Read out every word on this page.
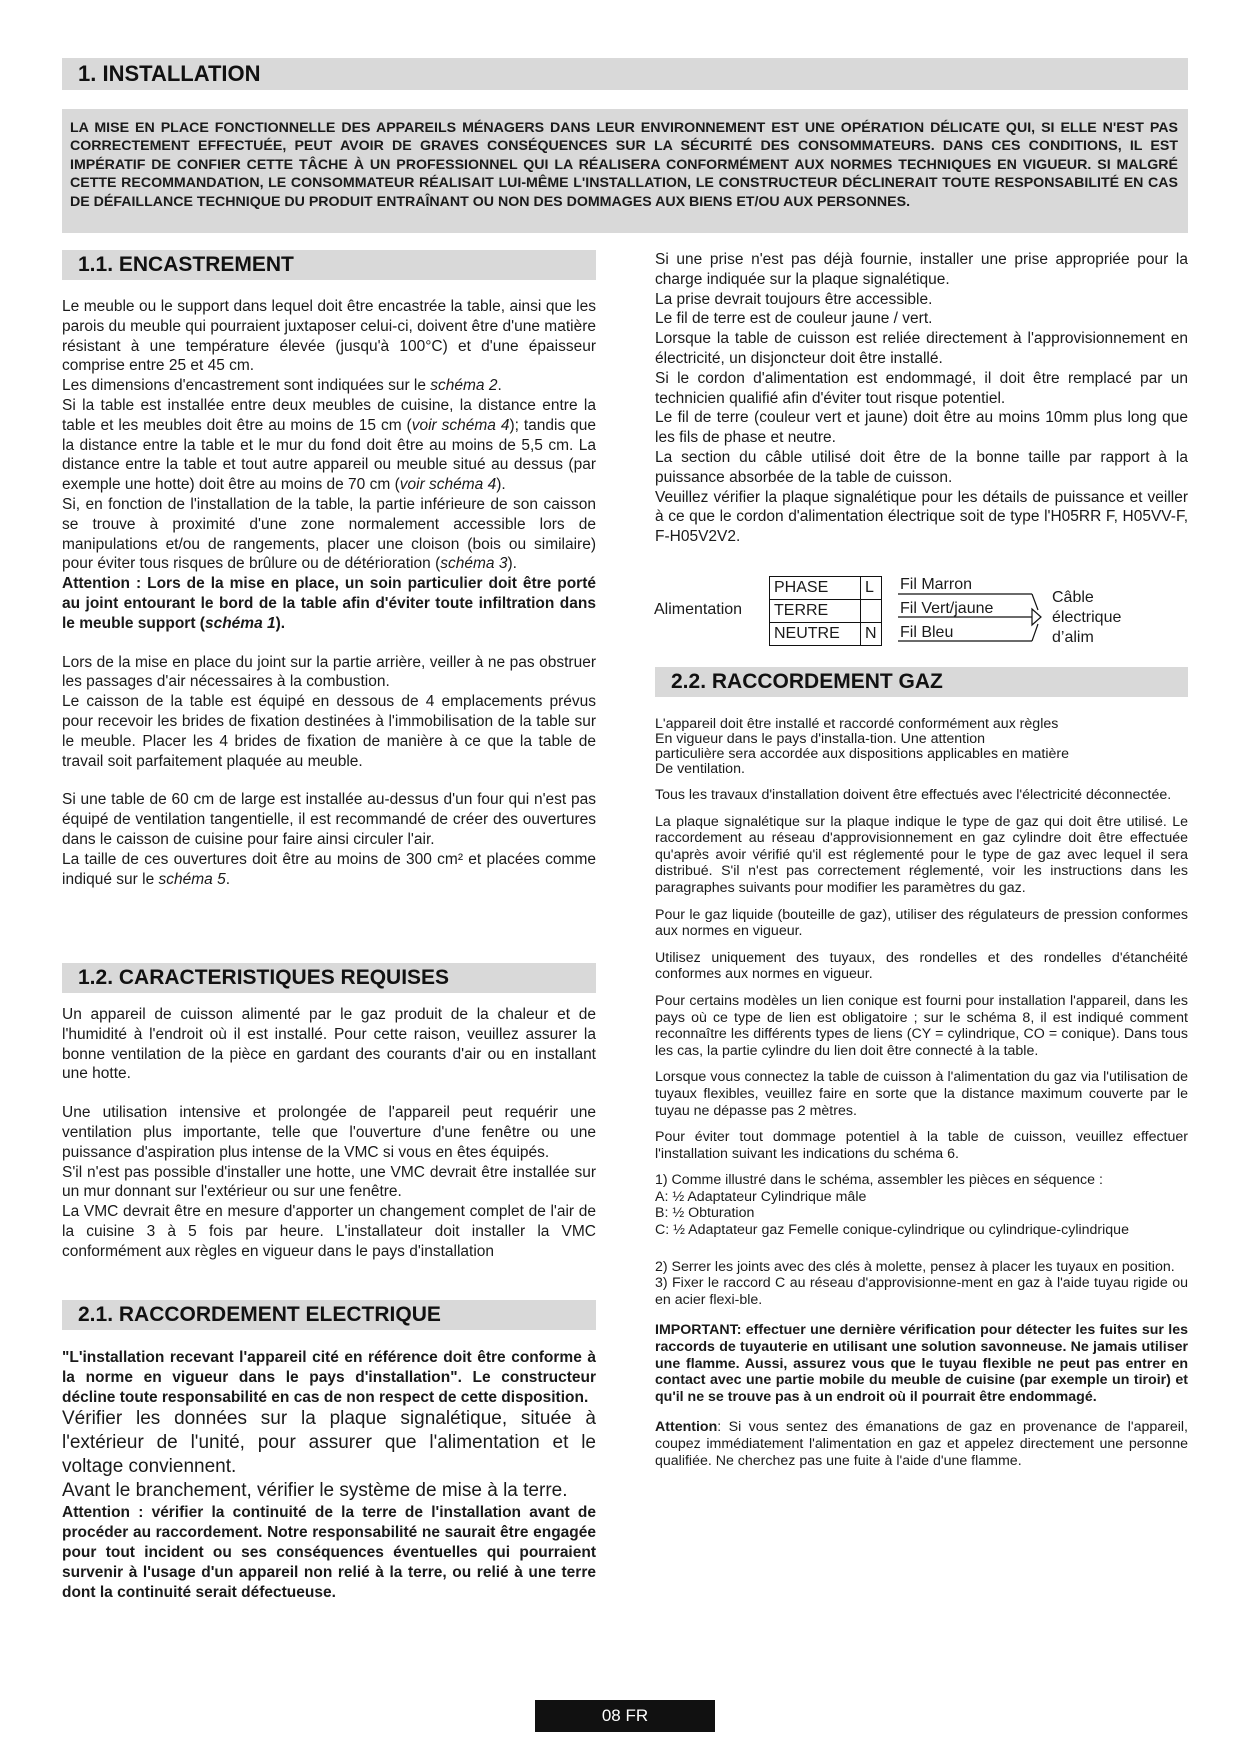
1. INSTALLATION
LA MISE EN PLACE FONCTIONNELLE DES APPAREILS MÉNAGERS DANS LEUR ENVIRONNEMENT EST UNE OPÉRATION DÉLICATE QUI, SI ELLE N'EST PAS CORRECTEMENT EFFECTUÉE, PEUT AVOIR DE GRAVES CONSÉQUENCES SUR LA SÉCURITÉ DES CONSOMMATEURS. DANS CES CONDITIONS, IL EST IMPÉRATIF DE CONFIER CETTE TÂCHE À UN PROFESSIONNEL QUI LA RÉALISERA CONFORMÉMENT AUX NORMES TECHNIQUES EN VIGUEUR. SI MALGRÉ CETTE RECOMMANDATION, LE CONSOMMATEUR RÉALISAIT LUI-MÊME L'INSTALLATION, LE CONSTRUCTEUR DÉCLINERAIT TOUTE RESPONSABILITÉ EN CAS DE DÉFAILLANCE TECHNIQUE DU PRODUIT ENTRAÎNANT OU NON DES DOMMAGES AUX BIENS ET/OU AUX PERSONNES.
1.1. ENCASTREMENT

Le meuble ou le support dans lequel doit être encastrée la table, ainsi que les parois du meuble qui pourraient juxtaposer celui-ci, doivent être d'une matière résistant à une température élevée (jusqu'à 100°C) et d'une épaisseur comprise entre 25 et 45 cm.

Les dimensions d'encastrement sont indiquées sur le schéma 2.

Si la table est installée entre deux meubles de cuisine, la distance entre la table et les meubles doit être au moins de 15 cm (voir schéma 4); tandis que la distance entre la table et le mur du fond doit être au moins de 5,5 cm. La distance entre la table et tout autre appareil ou meuble situé au dessus (par exemple une hotte) doit être au moins de 70 cm (voir schéma 4).

Si, en fonction de l'installation de la table, la partie inférieure de son caisson se trouve à proximité d'une zone normalement accessible lors de manipulations et/ou de rangements, placer une cloison (bois ou similaire) pour éviter tous risques de brûlure ou de détérioration (schéma 3).

Attention : Lors de la mise en place, un soin particulier doit être porté au joint entourant le bord de la table afin d'éviter toute infiltration dans le meuble support (schéma 1).

Lors de la mise en place du joint sur la partie arrière, veiller à ne pas obstruer les passages d'air nécessaires à la combustion.

Le caisson de la table est équipé en dessous de 4 emplacements prévus pour recevoir les brides de fixation destinées à l'immobilisation de la table sur le meuble. Placer les 4 brides de fixation de manière à ce que la table de travail soit parfaitement plaquée au meuble.

Si une table de 60 cm de large est installée au-dessus d'un four qui n'est pas équipé de ventilation tangentielle, il est recommandé de créer des ouvertures dans le caisson de cuisine pour faire ainsi circuler l'air.

La taille de ces ouvertures doit être au moins de 300 cm² et placées comme indiqué sur le schéma 5.

1.2. CARACTERISTIQUES REQUISES

Un appareil de cuisson alimenté par le gaz produit de la chaleur et de l'humidité à l'endroit où il est installé. Pour cette raison, veuillez assurer la bonne ventilation de la pièce en gardant des courants d'air ou en installant une hotte.

Une utilisation intensive et prolongée de l'appareil peut requérir une ventilation plus importante, telle que l'ouverture d'une fenêtre ou une puissance d'aspiration plus intense de la VMC si vous en êtes équipés.

S'il n'est pas possible d'installer une hotte, une VMC devrait être installée sur un mur donnant sur l'extérieur ou sur une fenêtre.

La VMC devrait être en mesure d'apporter un changement complet de l'air de la cuisine 3 à 5 fois par heure. L'installateur doit installer la VMC conformément aux règles en vigueur dans le pays d'installation

2.1. RACCORDEMENT ELECTRIQUE

"L'installation recevant l'appareil cité en référence doit être conforme à la norme en vigueur dans le pays d'installation". Le constructeur décline toute responsabilité en cas de non respect de cette disposition.

Vérifier les données sur la plaque signalétique, située à l'extérieur de l'unité, pour assurer que l'alimentation et le voltage conviennent.

Avant le branchement, vérifier le système de mise à la terre.

Attention : vérifier la continuité de la terre de l'installation avant de procéder au raccordement. Notre responsabilité ne saurait être engagée pour tout incident ou ses conséquences éventuelles qui pourraient survenir à l'usage d'un appareil non relié à la terre, ou relié à une terre dont la continuité serait défectueuse.

Si une prise n'est pas déjà fournie, installer une prise appropriée pour la charge indiquée sur la plaque signalétique.

La prise devrait toujours être accessible.

Le fil de terre est de couleur jaune / vert.

Lorsque la table de cuisson est reliée directement à l'approvisionnement en électricité, un disjoncteur doit être installé.

Si le cordon d'alimentation est endommagé, il doit être remplacé par un technicien qualifié afin d'éviter tout risque potentiel.

Le fil de terre (couleur vert et jaune) doit être au moins 10mm plus long que les fils de phase et neutre.

La section du câble utilisé doit être de la bonne taille par rapport à la puissance absorbée de la table de cuisson.

Veuillez vérifier la plaque signalétique pour les détails de puissance et veiller à ce que le cordon d'alimentation électrique soit de type l'H05RR F, H05VV-F, F-H05V2V2.

Alimentation
PHASE	L
TERRE
NEUTRE	N
Fil Marron
Fil Vert/jaune
Fil Bleu
Câble
électrique
d’alim
2.2. RACCORDEMENT GAZ

L'appareil doit être installé et raccordé conformément aux règles

En vigueur dans le pays d'installa-tion. Une attention

particulière sera accordée aux dispositions applicables en matière

De ventilation.

Tous les travaux d'installation doivent être effectués avec l'électricité déconnectée.

La plaque signalétique sur la plaque indique le type de gaz qui doit être utilisé. Le raccordement au réseau d'approvisionnement en gaz cylindre doit être effectuée qu'après avoir vérifié qu'il est réglementé pour le type de gaz avec lequel il sera distribué. S'il n'est pas correctement réglementé, voir les instructions dans les paragraphes suivants pour modifier les paramètres du gaz.

Pour le gaz liquide (bouteille de gaz), utiliser des régulateurs de pression conformes aux normes en vigueur.

Utilisez uniquement des tuyaux, des rondelles et des rondelles d'étanchéité conformes aux normes en vigueur.

Pour certains modèles un lien conique est fourni pour installation l'appareil, dans les pays où ce type de lien est obligatoire ; sur le schéma 8, il est indiqué comment reconnaître les différents types de liens (CY = cylindrique, CO = conique). Dans tous les cas, la partie cylindre du lien doit être connecté à la table.

Lorsque vous connectez la table de cuisson à l'alimentation du gaz via l'utilisation de tuyaux flexibles, veuillez faire en sorte que la distance maximum couverte par le tuyau ne dépasse pas 2 mètres.

Pour éviter tout dommage potentiel à la table de cuisson, veuillez effectuer l'installation suivant les indications du schéma 6.

1) Comme illustré dans le schéma, assembler les pièces en séquence :

A: ½ Adaptateur Cylindrique mâle

B: ½ Obturation

C: ½ Adaptateur gaz Femelle conique-cylindrique ou cylindrique-cylindrique

2) Serrer les joints avec des clés à molette, pensez à placer les tuyaux en position.

3) Fixer le raccord C au réseau d'approvisionne-ment en gaz à l'aide tuyau rigide ou en acier flexi-ble.

IMPORTANT: effectuer une dernière vérification pour détecter les fuites sur les raccords de tuyauterie en utilisant une solution savonneuse. Ne jamais utiliser une flamme. Aussi, assurez vous que le tuyau flexible ne peut pas entrer en contact avec une partie mobile du meuble de cuisine (par exemple un tiroir) et qu'il ne se trouve pas à un endroit où il pourrait être endommagé.

Attention: Si vous sentez des émanations de gaz en provenance de l'appareil, coupez immédiatement l'alimentation en gaz et appelez directement une personne qualifiée. Ne cherchez pas une fuite à l'aide d'une flamme.

08 FR
